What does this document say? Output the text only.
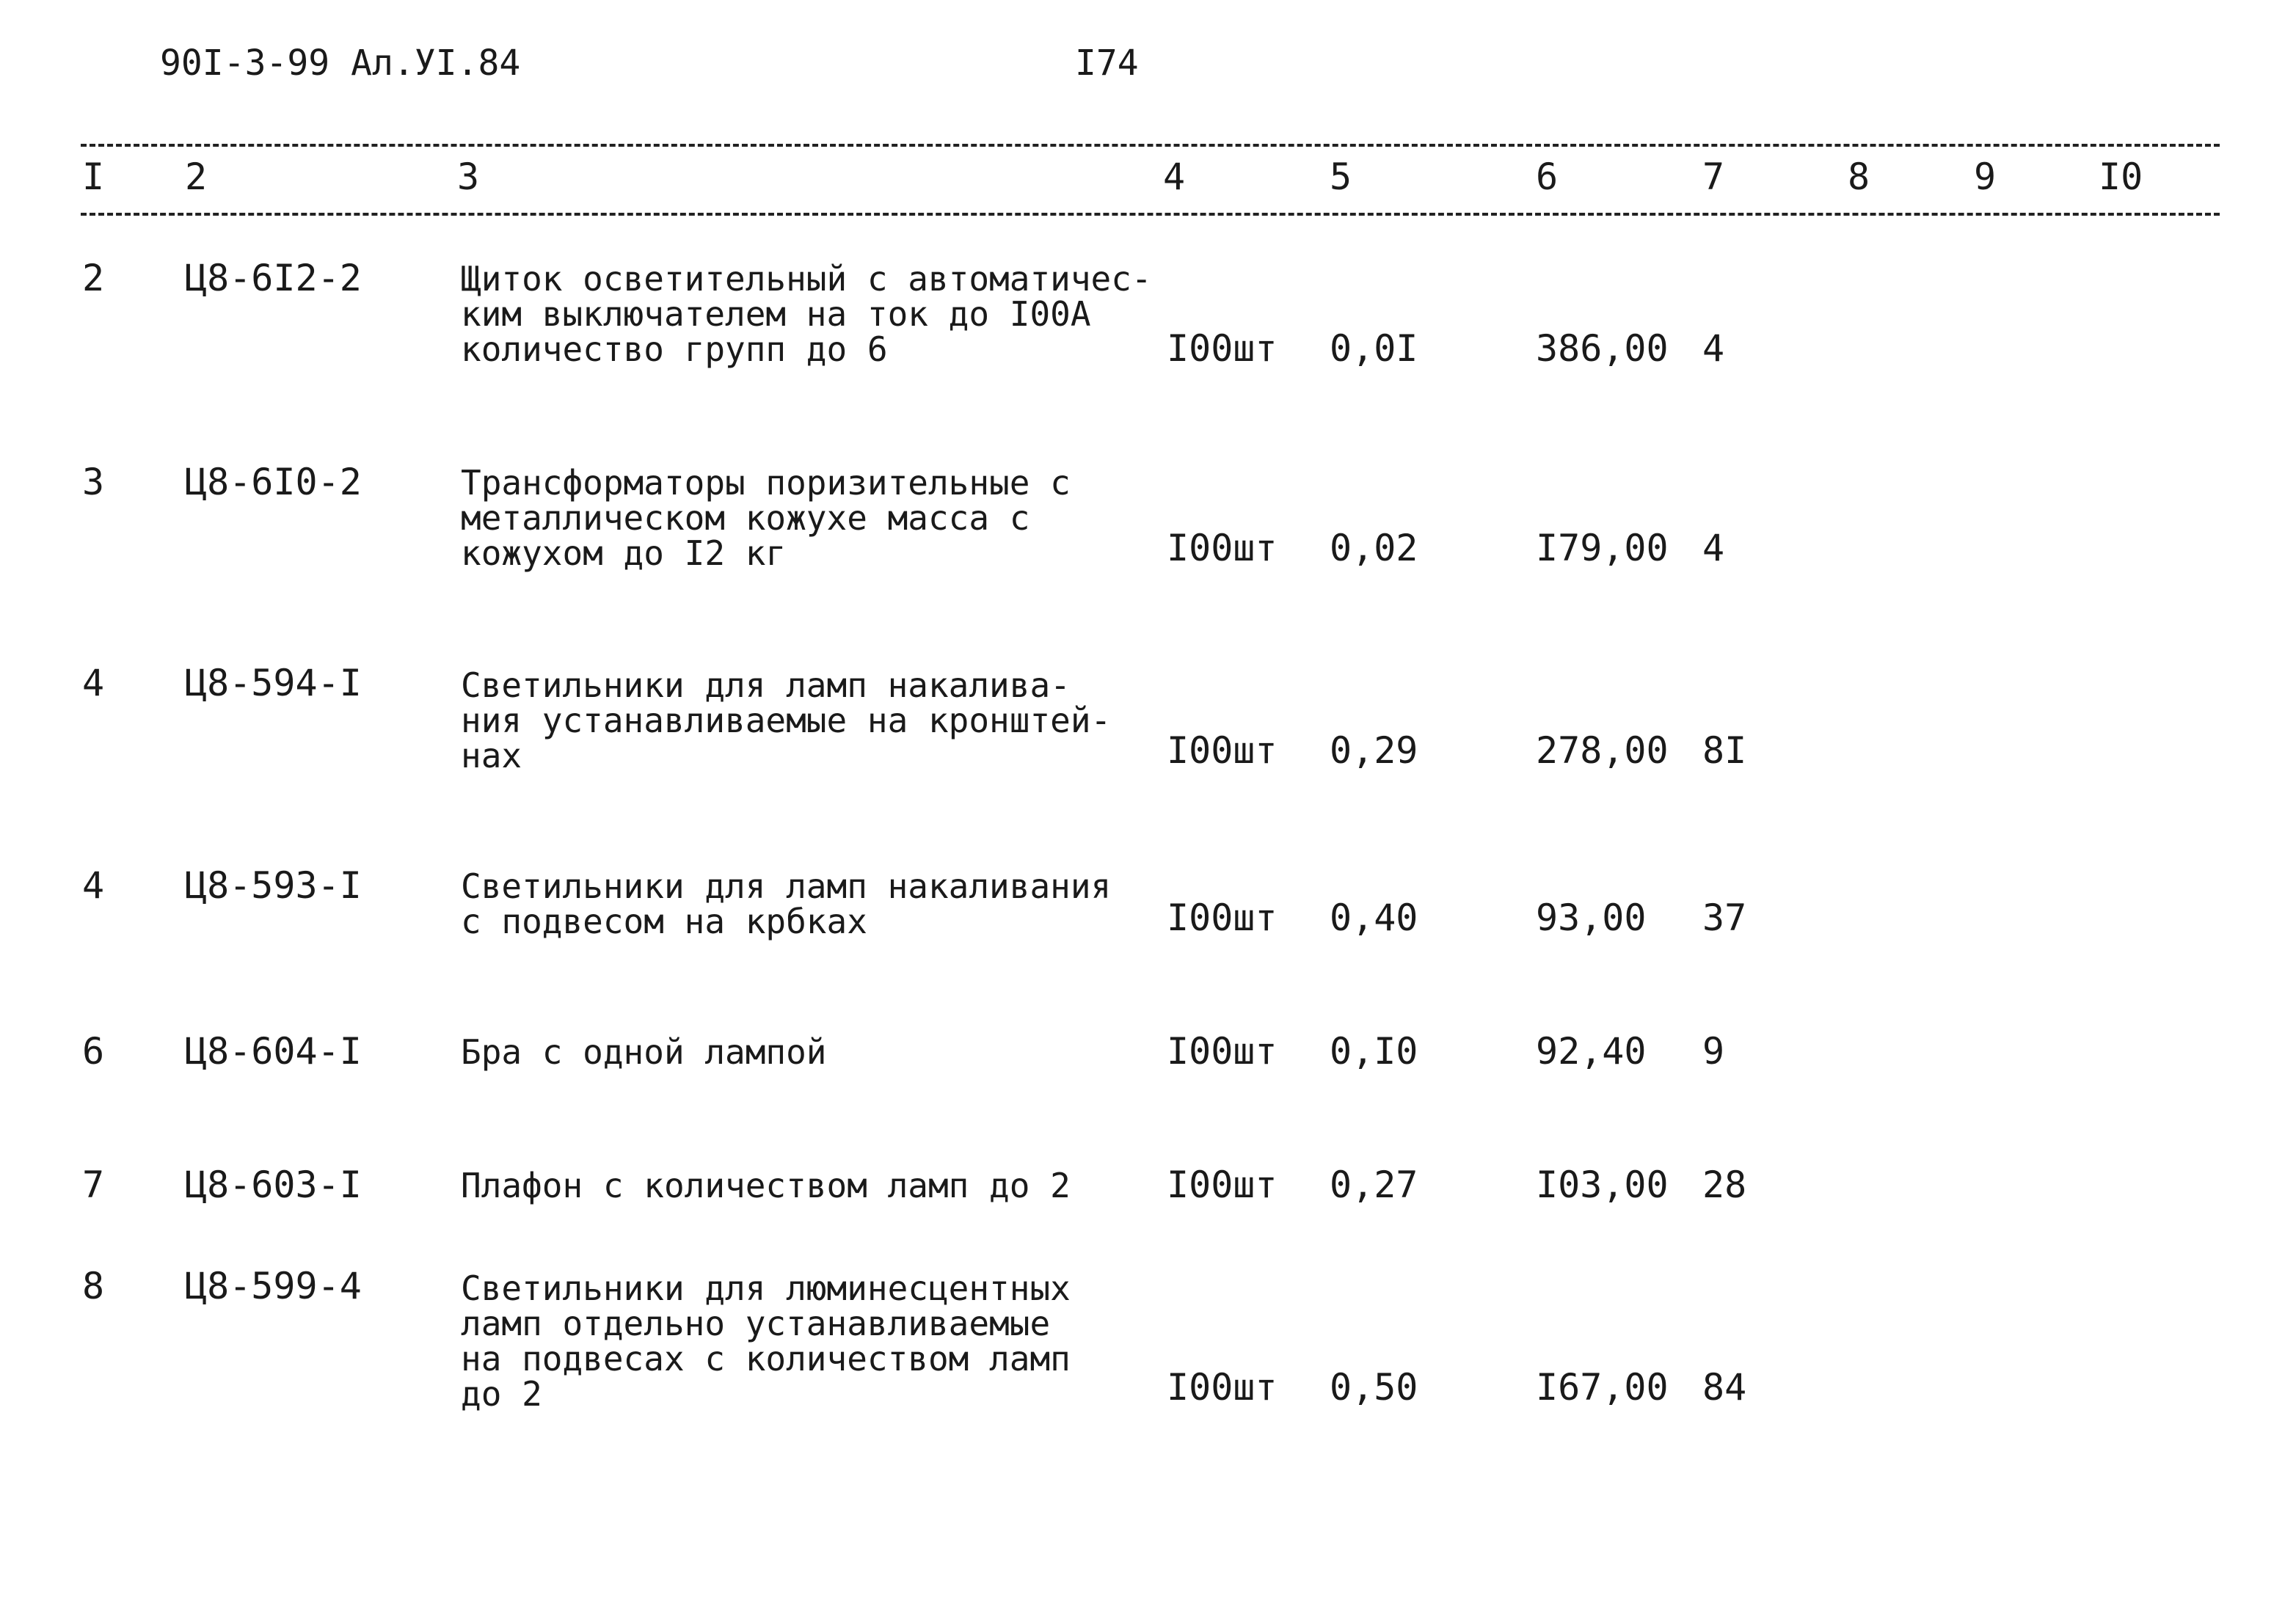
90I-3-99 Ал.УI.84	I74
I 2	3	4	5	6	7	8	9	I0
2 Ц8-6I2-2	Щиток осветительный с автоматичес-
ким выключателем на ток до I00A
количество групп до 6	I00шт 0,0I	386,00 4
3 Ц8-6I0-2	Трансформаторы поризительные с
металлическом кожухе масса с
кожухом до I2 кг	I00шт 0,02	I79,00 4
4 Ц8-594-I	Светильники для ламп накалива-
ния устанавливаемые на кронштей-
нах	I00шт 0,29	278,00 8I
4 Ц8-593-I	Светильники для ламп накаливания
с подвесом на крбках	I00шт 0,40	93,00 37
6 Ц8-604-I	Бра с одной лампой	I00шт 0,I0	92,40 9
7 Ц8-603-I	Плафон с количеством ламп до 2	I00шт 0,27	I03,00 28
8 Ц8-599-4	Светильники для люминесцентных
ламп отдельно устанавливаемые
на подвесах с количеством ламп
до 2	I00шт 0,50	I67,00 84
